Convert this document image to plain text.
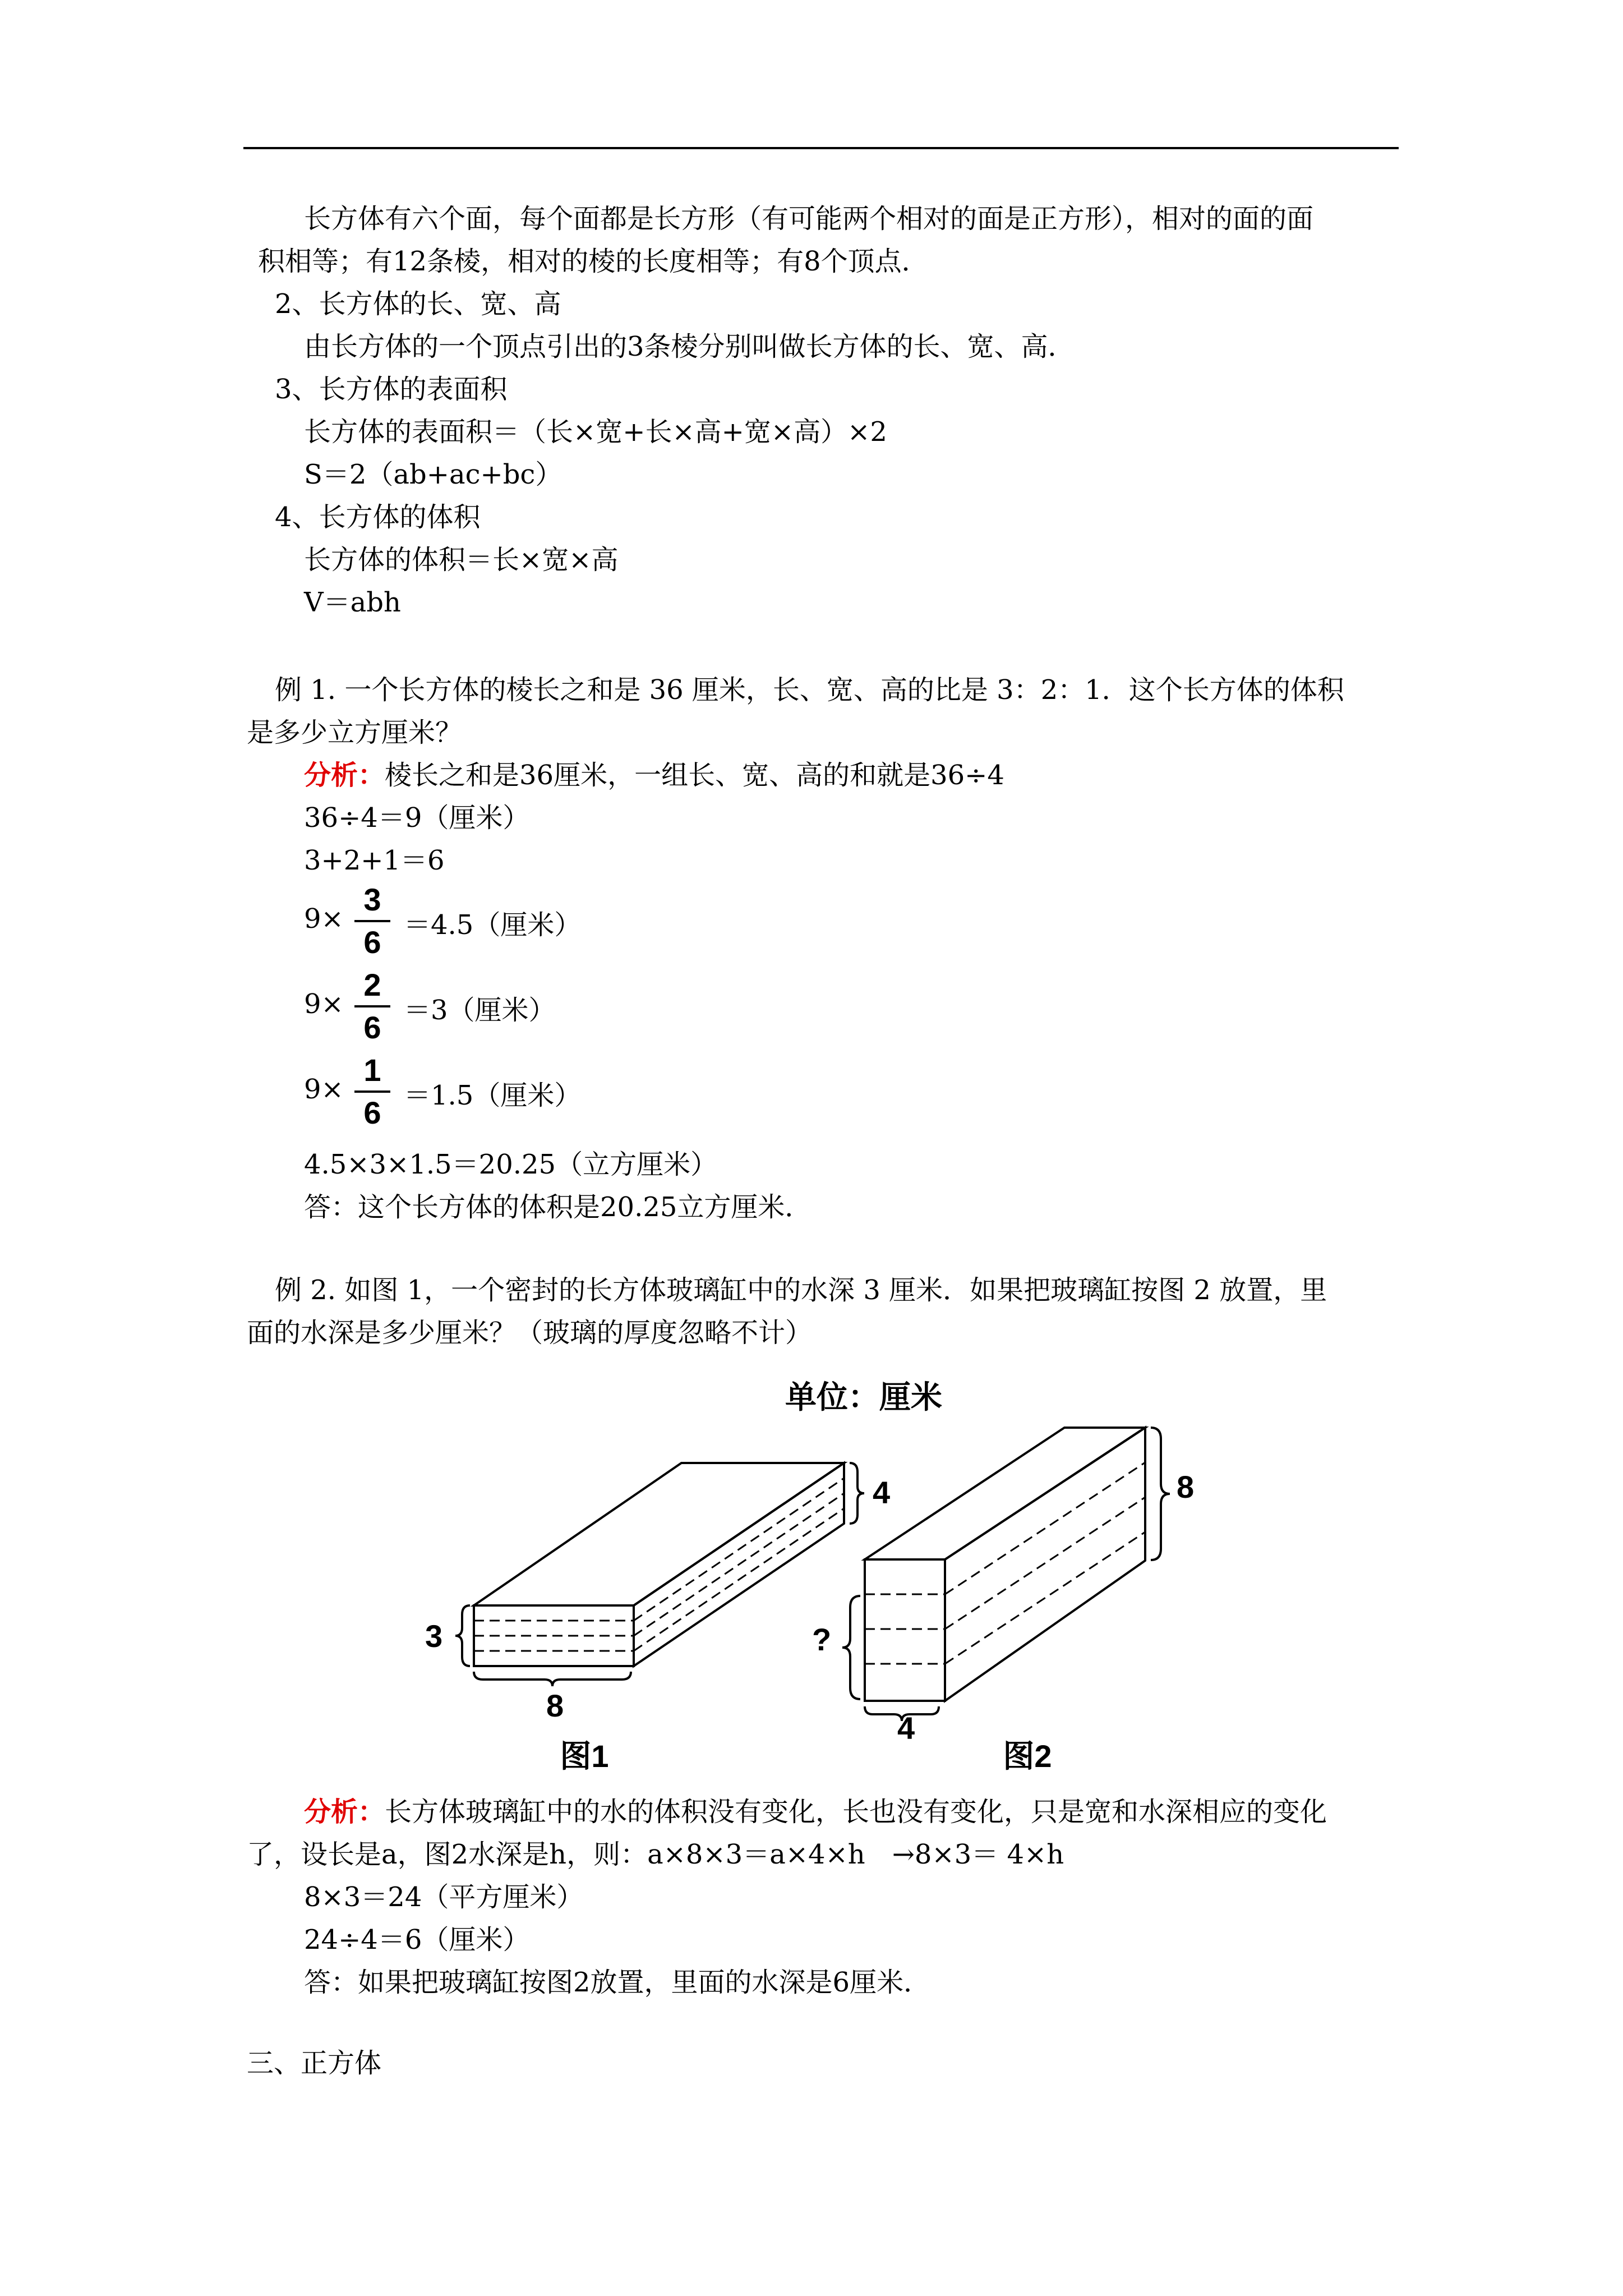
长方体有六个面，每个面都是长方形（有可能两个相对的面是正方形），相对的面的面
积相等；有12条棱，相对的棱的长度相等；有8个顶点．
2、长方体的长、宽、高
由长方体的一个顶点引出的3条棱分别叫做长方体的长、宽、高．
3、长方体的表面积
长方体的表面积＝（长×宽+长×高+宽×高）×2
S＝2（ab+ac+bc）
4、长方体的体积
长方体的体积＝长×宽×高
V＝abh
例 1. 一个长方体的棱长之和是 36 厘米，长、宽、高的比是 3：2：1．这个长方体的体积
是多少立方厘米？
分析：棱长之和是36厘米，一组长、宽、高的和就是36÷4
36÷4＝9（厘米）
3+2+1＝6
9×
3
6 ＝4.5（厘米）
9×
2
6 ＝3（厘米）
9×
1
6 ＝1.5（厘米）
4.5×3×1.5＝20.25（立方厘米）
答：这个长方体的体积是20.25立方厘米．
例 2. 如图 1，一个密封的长方体玻璃缸中的水深 3 厘米．如果把玻璃缸按图 2 放置，里
面的水深是多少厘米？（玻璃的厚度忽略不计）
单位：厘米
4
3
8
图1
8
?
4
图2
分析：长方体玻璃缸中的水的体积没有变化，长也没有变化，只是宽和水深相应的变化
了，设长是a，图2水深是h，则：a×8×3＝a×4×h　→8×3＝ 4×h
8×3＝24（平方厘米）
24÷4＝6（厘米）
答：如果把玻璃缸按图2放置，里面的水深是6厘米．
三、正方体
